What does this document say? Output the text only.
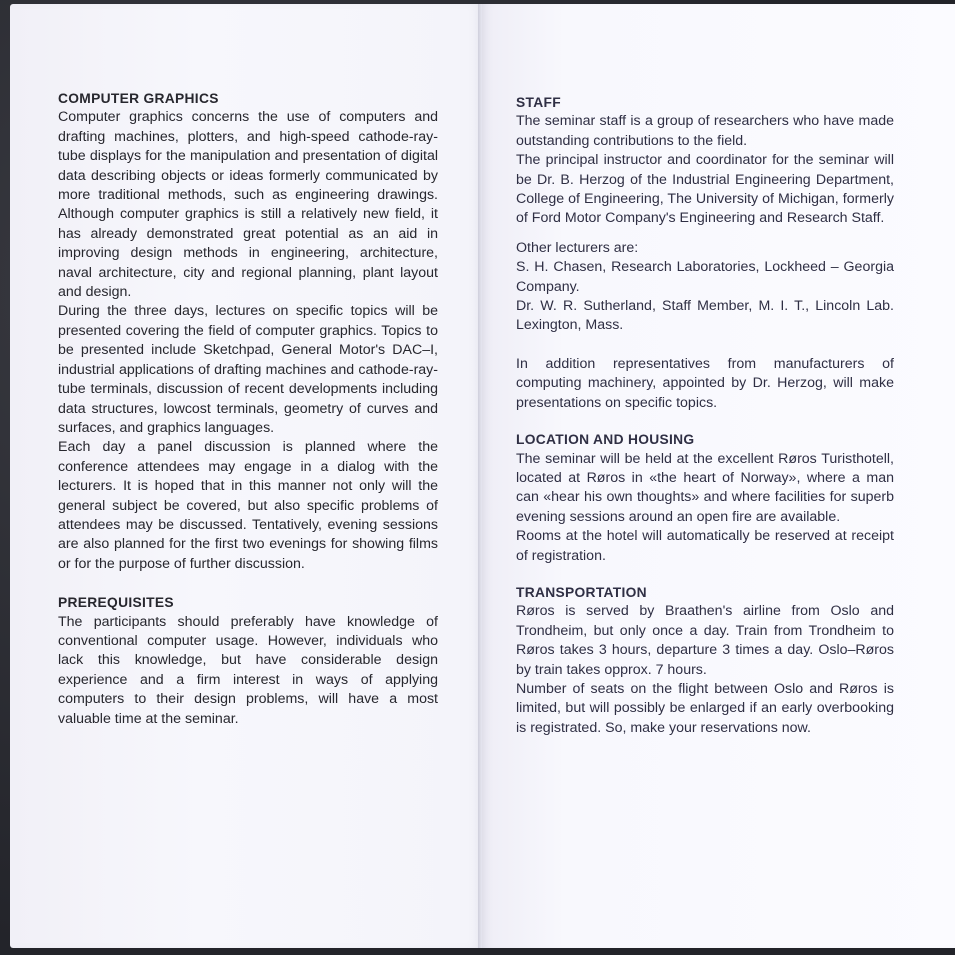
COMPUTER GRAPHICS

Computer graphics concerns the use of computers and drafting machines, plotters, and high-speed cathode-ray-tube displays for the manipulation and presentation of digital data describing objects or ideas formerly communicated by more traditional methods, such as engineering drawings. Although computer graphics is still a relatively new field, it has already demonstrated great potential as an aid in improving design methods in engineering, architecture, naval architecture, city and regional planning, plant layout and design.

During the three days, lectures on specific topics will be presented covering the field of computer graphics. Topics to be presented include Sketchpad, General Motor's DAC–I, industrial applications of drafting machines and cathode-ray-tube terminals, discussion of recent developments including data structures, lowcost terminals, geometry of curves and surfaces, and graphics languages.

Each day a panel discussion is planned where the conference attendees may engage in a dialog with the lecturers. It is hoped that in this manner not only will the general subject be covered, but also specific problems of attendees may be discussed. Tentatively, evening sessions are also planned for the first two evenings for showing films or for the purpose of further discussion.

PREREQUISITES

The participants should preferably have knowledge of conventional computer usage. However, individuals who lack this knowledge, but have considerable design experience and a firm interest in ways of applying computers to their design problems, will have a most valuable time at the seminar.

STAFF

The seminar staff is a group of researchers who have made outstanding contributions to the field.

The principal instructor and coordinator for the seminar will be Dr. B. Herzog of the Industrial Engineering Department, College of Engineering, The University of Michigan, formerly of Ford Motor Company's Engineering and Research Staff.

Other lecturers are:

S. H. Chasen, Research Laboratories, Lockheed – Georgia Company.

Dr. W. R. Sutherland, Staff Member, M. I. T., Lincoln Lab. Lexington, Mass.

In addition representatives from manufacturers of computing machinery, appointed by Dr. Herzog, will make presentations on specific topics.

LOCATION AND HOUSING

The seminar will be held at the excellent Røros Turisthotell, located at Røros in «the heart of Norway», where a man can «hear his own thoughts» and where facilities for superb evening sessions around an open fire are available.

Rooms at the hotel will automatically be reserved at receipt of registration.

TRANSPORTATION

Røros is served by Braathen's airline from Oslo and Trondheim, but only once a day. Train from Trondheim to Røros takes 3 hours, departure 3 times a day. Oslo–Røros by train takes opprox. 7 hours.

Number of seats on the flight between Oslo and Røros is limited, but will possibly be enlarged if an early overbooking is registrated. So, make your reservations now.
